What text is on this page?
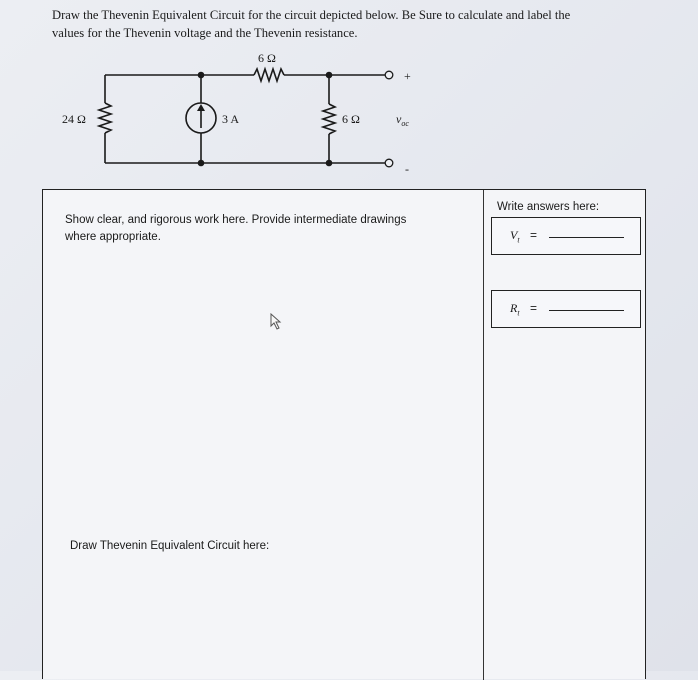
Draw the Thevenin Equivalent Circuit for the circuit depicted below. Be Sure to calculate and label the
values for the Thevenin voltage and the Thevenin resistance.
6 Ω
24 Ω	3 A	6 Ω
+
-
$v_{oc}$
Show clear, and rigorous work here. Provide intermediate drawings where appropriate.
Write answers here:
$V_t$ =
$R_t$ =
Draw Thevenin Equivalent Circuit here:
